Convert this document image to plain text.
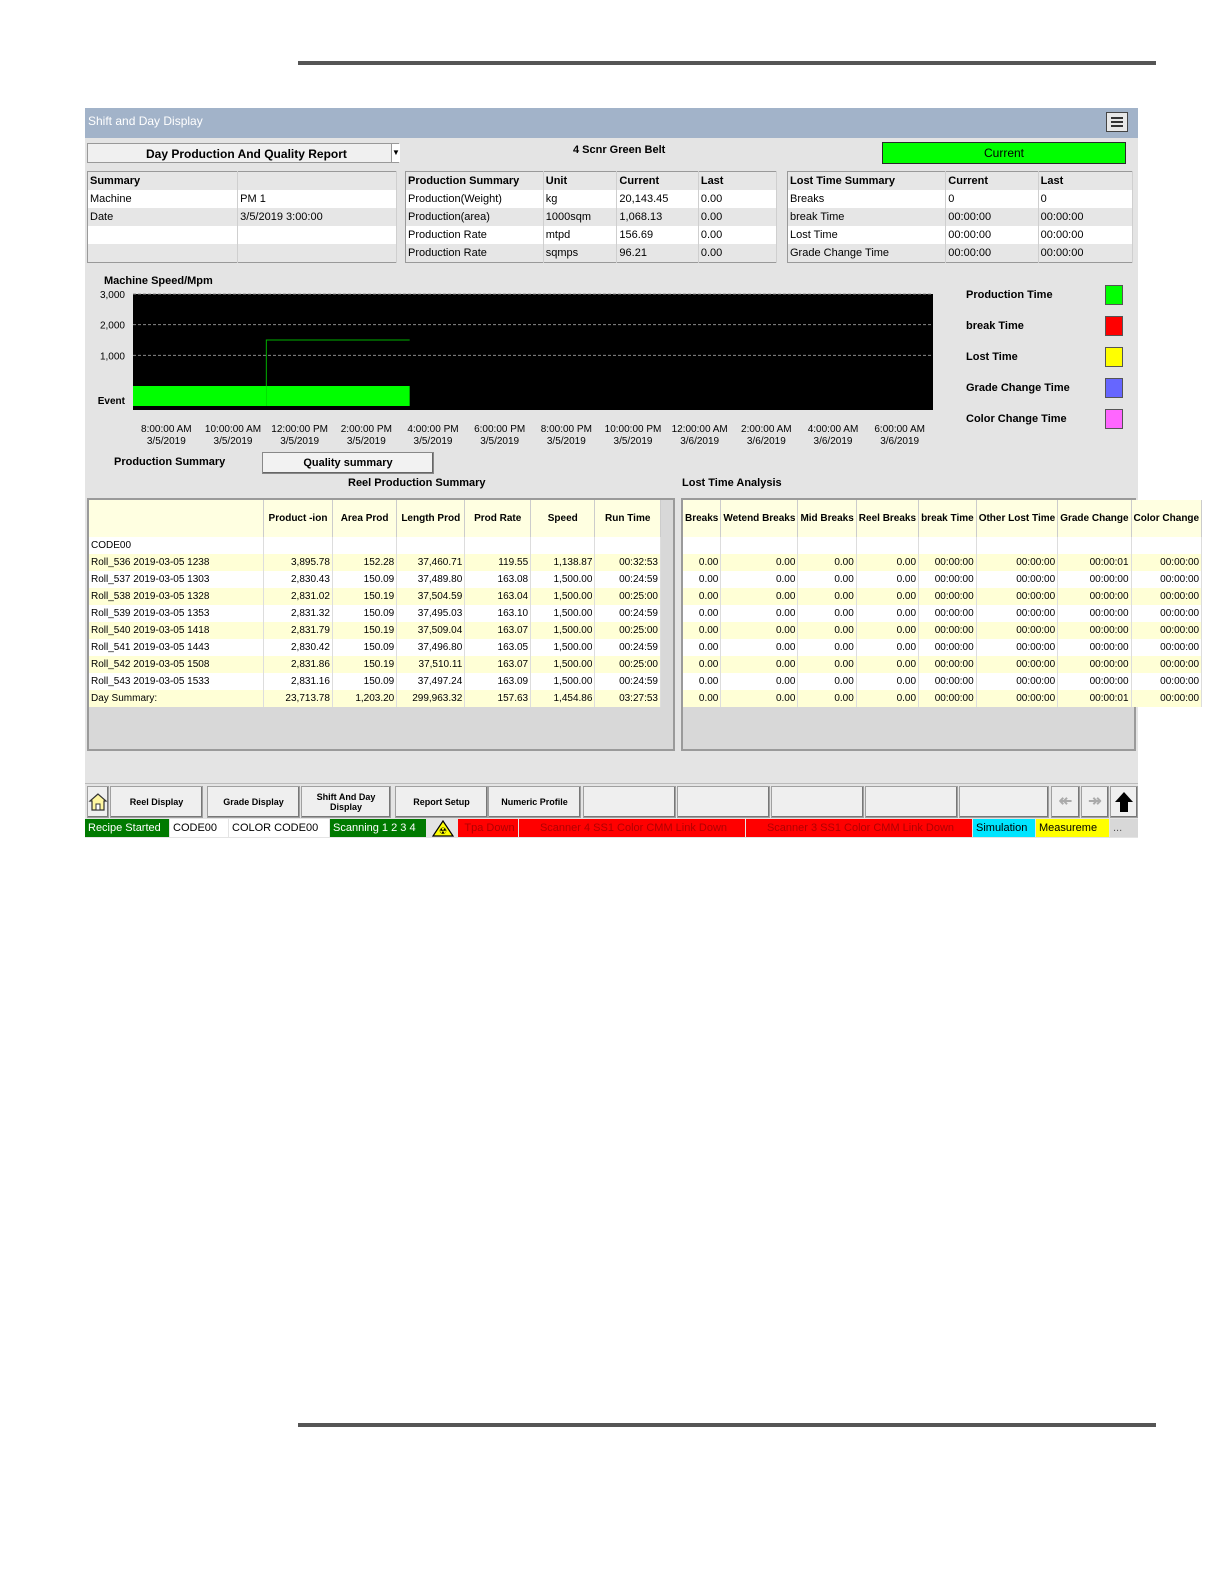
Shift and Day Display
Day Production And Quality Report	▼	4 Scnr Green Belt	Current
Summary	
Machine	PM 1
Date	3/5/2019 3:00:00

Production Summary	Unit	Current	Last
Production(Weight)	kg	20,143.45	0.00
Production(area)	1000sqm	1,068.13	0.00
Production Rate	mtpd	156.69	0.00
Production Rate	sqmps	96.21	0.00
Lost Time Summary	Current	Last
Breaks	0	0
break Time	00:00:00	00:00:00
Lost Time	00:00:00	00:00:00
Grade Change Time	00:00:00	00:00:00
Machine Speed/Mpm
3,000
2,000
1,000
Event
8:00:00 AM
3/5/2019
10:00:00 AM
3/5/2019
12:00:00 PM
3/5/2019
2:00:00 PM
3/5/2019
4:00:00 PM
3/5/2019
6:00:00 PM
3/5/2019
8:00:00 PM
3/5/2019
10:00:00 PM
3/5/2019
12:00:00 AM
3/6/2019
2:00:00 AM
3/6/2019
4:00:00 AM
3/6/2019
6:00:00 AM
3/6/2019
Production Time
break Time
Lost Time
Grade Change Time
Color Change Time
Production Summary	Quality summary
Reel Production Summary	Lost Time Analysis
	Product -ion	Area Prod	Length Prod	Prod Rate	Speed	Run Time
CODE00						
Roll_536 2019-03-05 1238	3,895.78	152.28	37,460.71	119.55	1,138.87	00:32:53
Roll_537 2019-03-05 1303	2,830.43	150.09	37,489.80	163.08	1,500.00	00:24:59
Roll_538 2019-03-05 1328	2,831.02	150.19	37,504.59	163.04	1,500.00	00:25:00
Roll_539 2019-03-05 1353	2,831.32	150.09	37,495.03	163.10	1,500.00	00:24:59
Roll_540 2019-03-05 1418	2,831.79	150.19	37,509.04	163.07	1,500.00	00:25:00
Roll_541 2019-03-05 1443	2,830.42	150.09	37,496.80	163.05	1,500.00	00:24:59
Roll_542 2019-03-05 1508	2,831.86	150.19	37,510.11	163.07	1,500.00	00:25:00
Roll_543 2019-03-05 1533	2,831.16	150.09	37,497.24	163.09	1,500.00	00:24:59
Day Summary:	23,713.78	1,203.20	299,963.32	157.63	1,454.86	03:27:53
Breaks	Wetend Breaks	Mid Breaks	Reel Breaks	break Time	Other Lost Time	Grade Change	Color Change

0.00	0.00	0.00	0.00	00:00:00	00:00:00	00:00:01	00:00:00
0.00	0.00	0.00	0.00	00:00:00	00:00:00	00:00:00	00:00:00
0.00	0.00	0.00	0.00	00:00:00	00:00:00	00:00:00	00:00:00
0.00	0.00	0.00	0.00	00:00:00	00:00:00	00:00:00	00:00:00
0.00	0.00	0.00	0.00	00:00:00	00:00:00	00:00:00	00:00:00
0.00	0.00	0.00	0.00	00:00:00	00:00:00	00:00:00	00:00:00
0.00	0.00	0.00	0.00	00:00:00	00:00:00	00:00:00	00:00:00
0.00	0.00	0.00	0.00	00:00:00	00:00:00	00:00:00	00:00:00
0.00	0.00	0.00	0.00	00:00:00	00:00:00	00:00:01	00:00:00
Reel Display	Grade Display	Shift And Day Display	Report Setup	Numeric Profile	↞	↠
Recipe Started	CODE00	COLOR CODE00	Scanning 1 2 3 4	Tpa Down	Scanner 4 SS1 Color CMM Link Down	Scanner 3 SS1 Color CMM Link Down	Simulation	Measureme	...
☢
